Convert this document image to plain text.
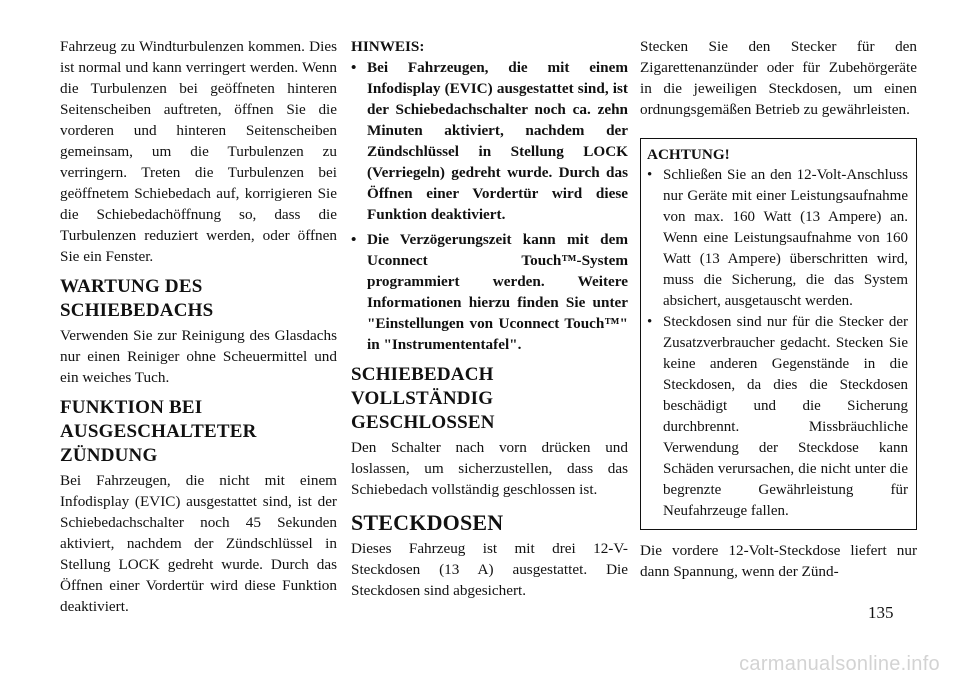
Fahrzeug zu Windturbulenzen kommen. Dies ist normal und kann verringert werden. Wenn die Turbulenzen bei geöffneten hinteren Seitenscheiben auftreten, öffnen Sie die vorderen und hinteren Seitenscheiben gemeinsam, um die Turbulenzen zu verringern. Treten die Turbulenzen bei geöffnetem Schiebedach auf, korrigieren Sie die Schiebedachöffnung so, dass die Turbulenzen reduziert werden, oder öffnen Sie ein Fenster.

WARTUNG DES SCHIEBEDACHS

Verwenden Sie zur Reinigung des Glasdachs nur einen Reiniger ohne Scheuermittel und ein weiches Tuch.

FUNKTION BEI AUSGESCHALTETER ZÜNDUNG

Bei Fahrzeugen, die nicht mit einem Infodisplay (EVIC) ausgestattet sind, ist der Schiebedachschalter noch 45 Sekunden aktiviert, nachdem der Zündschlüssel in Stellung LOCK gedreht wurde. Durch das Öffnen einer Vordertür wird diese Funktion deaktiviert.

HINWEIS:
• Bei Fahrzeugen, die mit einem Infodisplay (EVIC) ausgestattet sind, ist der Schiebedachschalter noch ca. zehn Minuten aktiviert, nachdem der Zündschlüssel in Stellung LOCK (Verriegeln) gedreht wurde. Durch das Öffnen einer Vordertür wird diese Funktion deaktiviert.
• Die Verzögerungszeit kann mit dem Uconnect Touch™-System programmiert werden. Weitere Informationen hierzu finden Sie unter "Einstellungen von Uconnect Touch™" in "Instrumententafel".
SCHIEBEDACH VOLLSTÄNDIG GESCHLOSSEN

Den Schalter nach vorn drücken und loslassen, um sicherzustellen, dass das Schiebedach vollständig geschlossen ist.

STECKDOSEN

Dieses Fahrzeug ist mit drei 12-V-Steckdosen (13 A) ausgestattet. Die Steckdosen sind abgesichert.

Stecken Sie den Stecker für den Zigarettenanzünder oder für Zubehörgeräte in die jeweiligen Steckdosen, um einen ordnungsgemäßen Betrieb zu gewährleisten.

ACHTUNG!
• Schließen Sie an den 12-Volt-Anschluss nur Geräte mit einer Leistungsaufnahme von max. 160 Watt (13 Ampere) an. Wenn eine Leistungsaufnahme von 160 Watt (13 Ampere) überschritten wird, muss die Sicherung, die das System absichert, ausgetauscht werden.
• Steckdosen sind nur für die Stecker der Zusatzverbraucher gedacht. Stecken Sie keine anderen Gegenstände in die Steckdosen, da dies die Steckdosen beschädigt und die Sicherung durchbrennt. Missbräuchliche Verwendung der Steckdose kann Schäden verursachen, die nicht unter die begrenzte Gewährleistung für Neufahrzeuge fallen.

Die vordere 12-Volt-Steckdose liefert nur dann Spannung, wenn der Zünd-

135
carmanualsonline.info
